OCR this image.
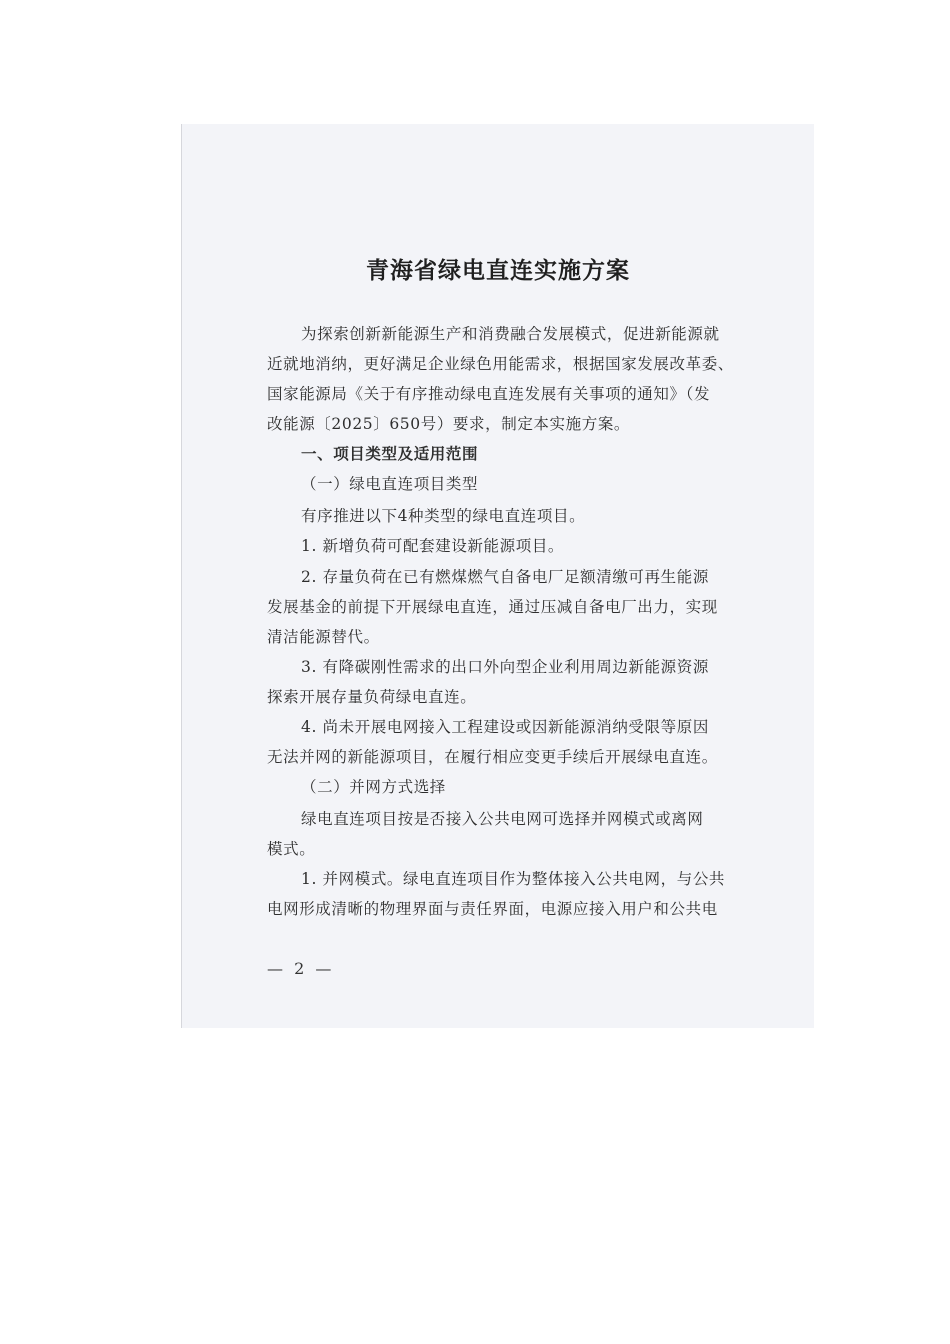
青海省绿电直连实施方案
为探索创新新能源生产和消费融合发展模式，促进新能源就
近就地消纳，更好满足企业绿色用能需求，根据国家发展改革委、
国家能源局《关于有序推动绿电直连发展有关事项的通知》（发
改能源〔2025〕650号）要求，制定本实施方案。
一、项目类型及适用范围
（一）绿电直连项目类型
有序推进以下4种类型的绿电直连项目。
1. 新增负荷可配套建设新能源项目。
2. 存量负荷在已有燃煤燃气自备电厂足额清缴可再生能源
发展基金的前提下开展绿电直连，通过压减自备电厂出力，实现
清洁能源替代。
3. 有降碳刚性需求的出口外向型企业利用周边新能源资源
探索开展存量负荷绿电直连。
4. 尚未开展电网接入工程建设或因新能源消纳受限等原因
无法并网的新能源项目，在履行相应变更手续后开展绿电直连。
（二）并网方式选择
绿电直连项目按是否接入公共电网可选择并网模式或离网
模式。
1. 并网模式。绿电直连项目作为整体接入公共电网，与公共
电网形成清晰的物理界面与责任界面，电源应接入用户和公共电
— 2 —
